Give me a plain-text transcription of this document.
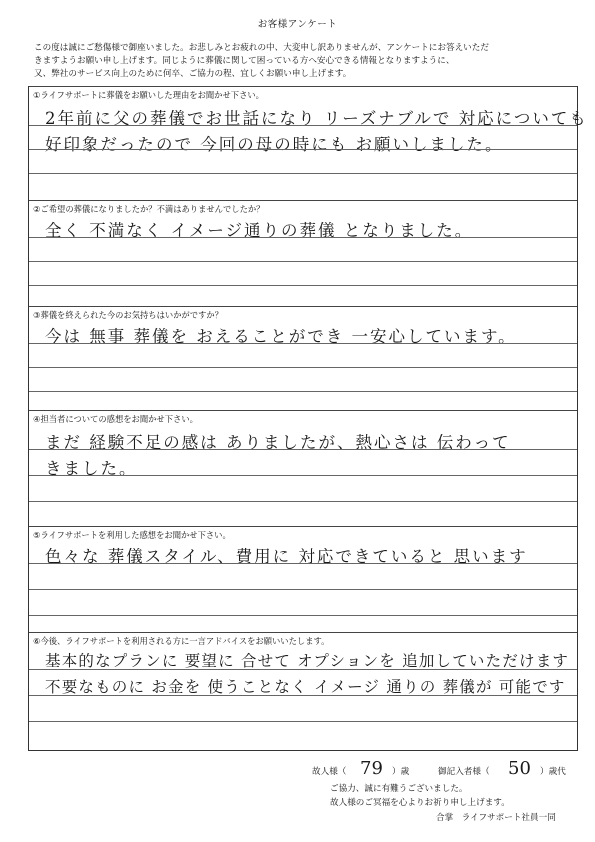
お客様アンケート
この度は誠にご愁傷様で御座いました。お悲しみとお疲れの中、大変申し訳ありませんが、アンケートにお答えいただ
きますようお願い申し上げます。同じように葬儀に関して困っている方へ安心できる情報となりますように、
又、弊社のサービス向上のために何卒、ご協力の程、宜しくお願い申し上げます。
①ライフサポートに葬儀をお願いした理由をお聞かせ下さい。
2年前に父の葬儀でお世話になり リーズナブルで 対応についても
好印象だったので 今回の母の時にも お願いしました。
②ご希望の葬儀になりましたか？不満はありませんでしたか？
全く 不満なく イメージ通りの葬儀 となりました。
③葬儀を終えられた今のお気持ちはいかがですか？
今は 無事 葬儀を おえることができ 一安心しています。
④担当者についての感想をお聞かせ下さい。
まだ 経験不足の感は ありましたが、熱心さは 伝わって
きました。
⑤ライフサポートを利用した感想をお聞かせ下さい。
色々な 葬儀スタイル、費用に 対応できていると 思います
⑥今後、ライフサポートを利用される方に一言アドバイスをお願いいたします。
基本的なプランに 要望に 合せて オプションを 追加していただけます
不要なものに お金を 使うことなく イメージ 通りの 葬儀が 可能です
故人様（ 79 ）歳	御記入者様（ 50 ）歳代
ご協力、誠に有難うございました。
故人様のご冥福を心よりお祈り申し上げます。
合掌　ライフサポート社員一同
